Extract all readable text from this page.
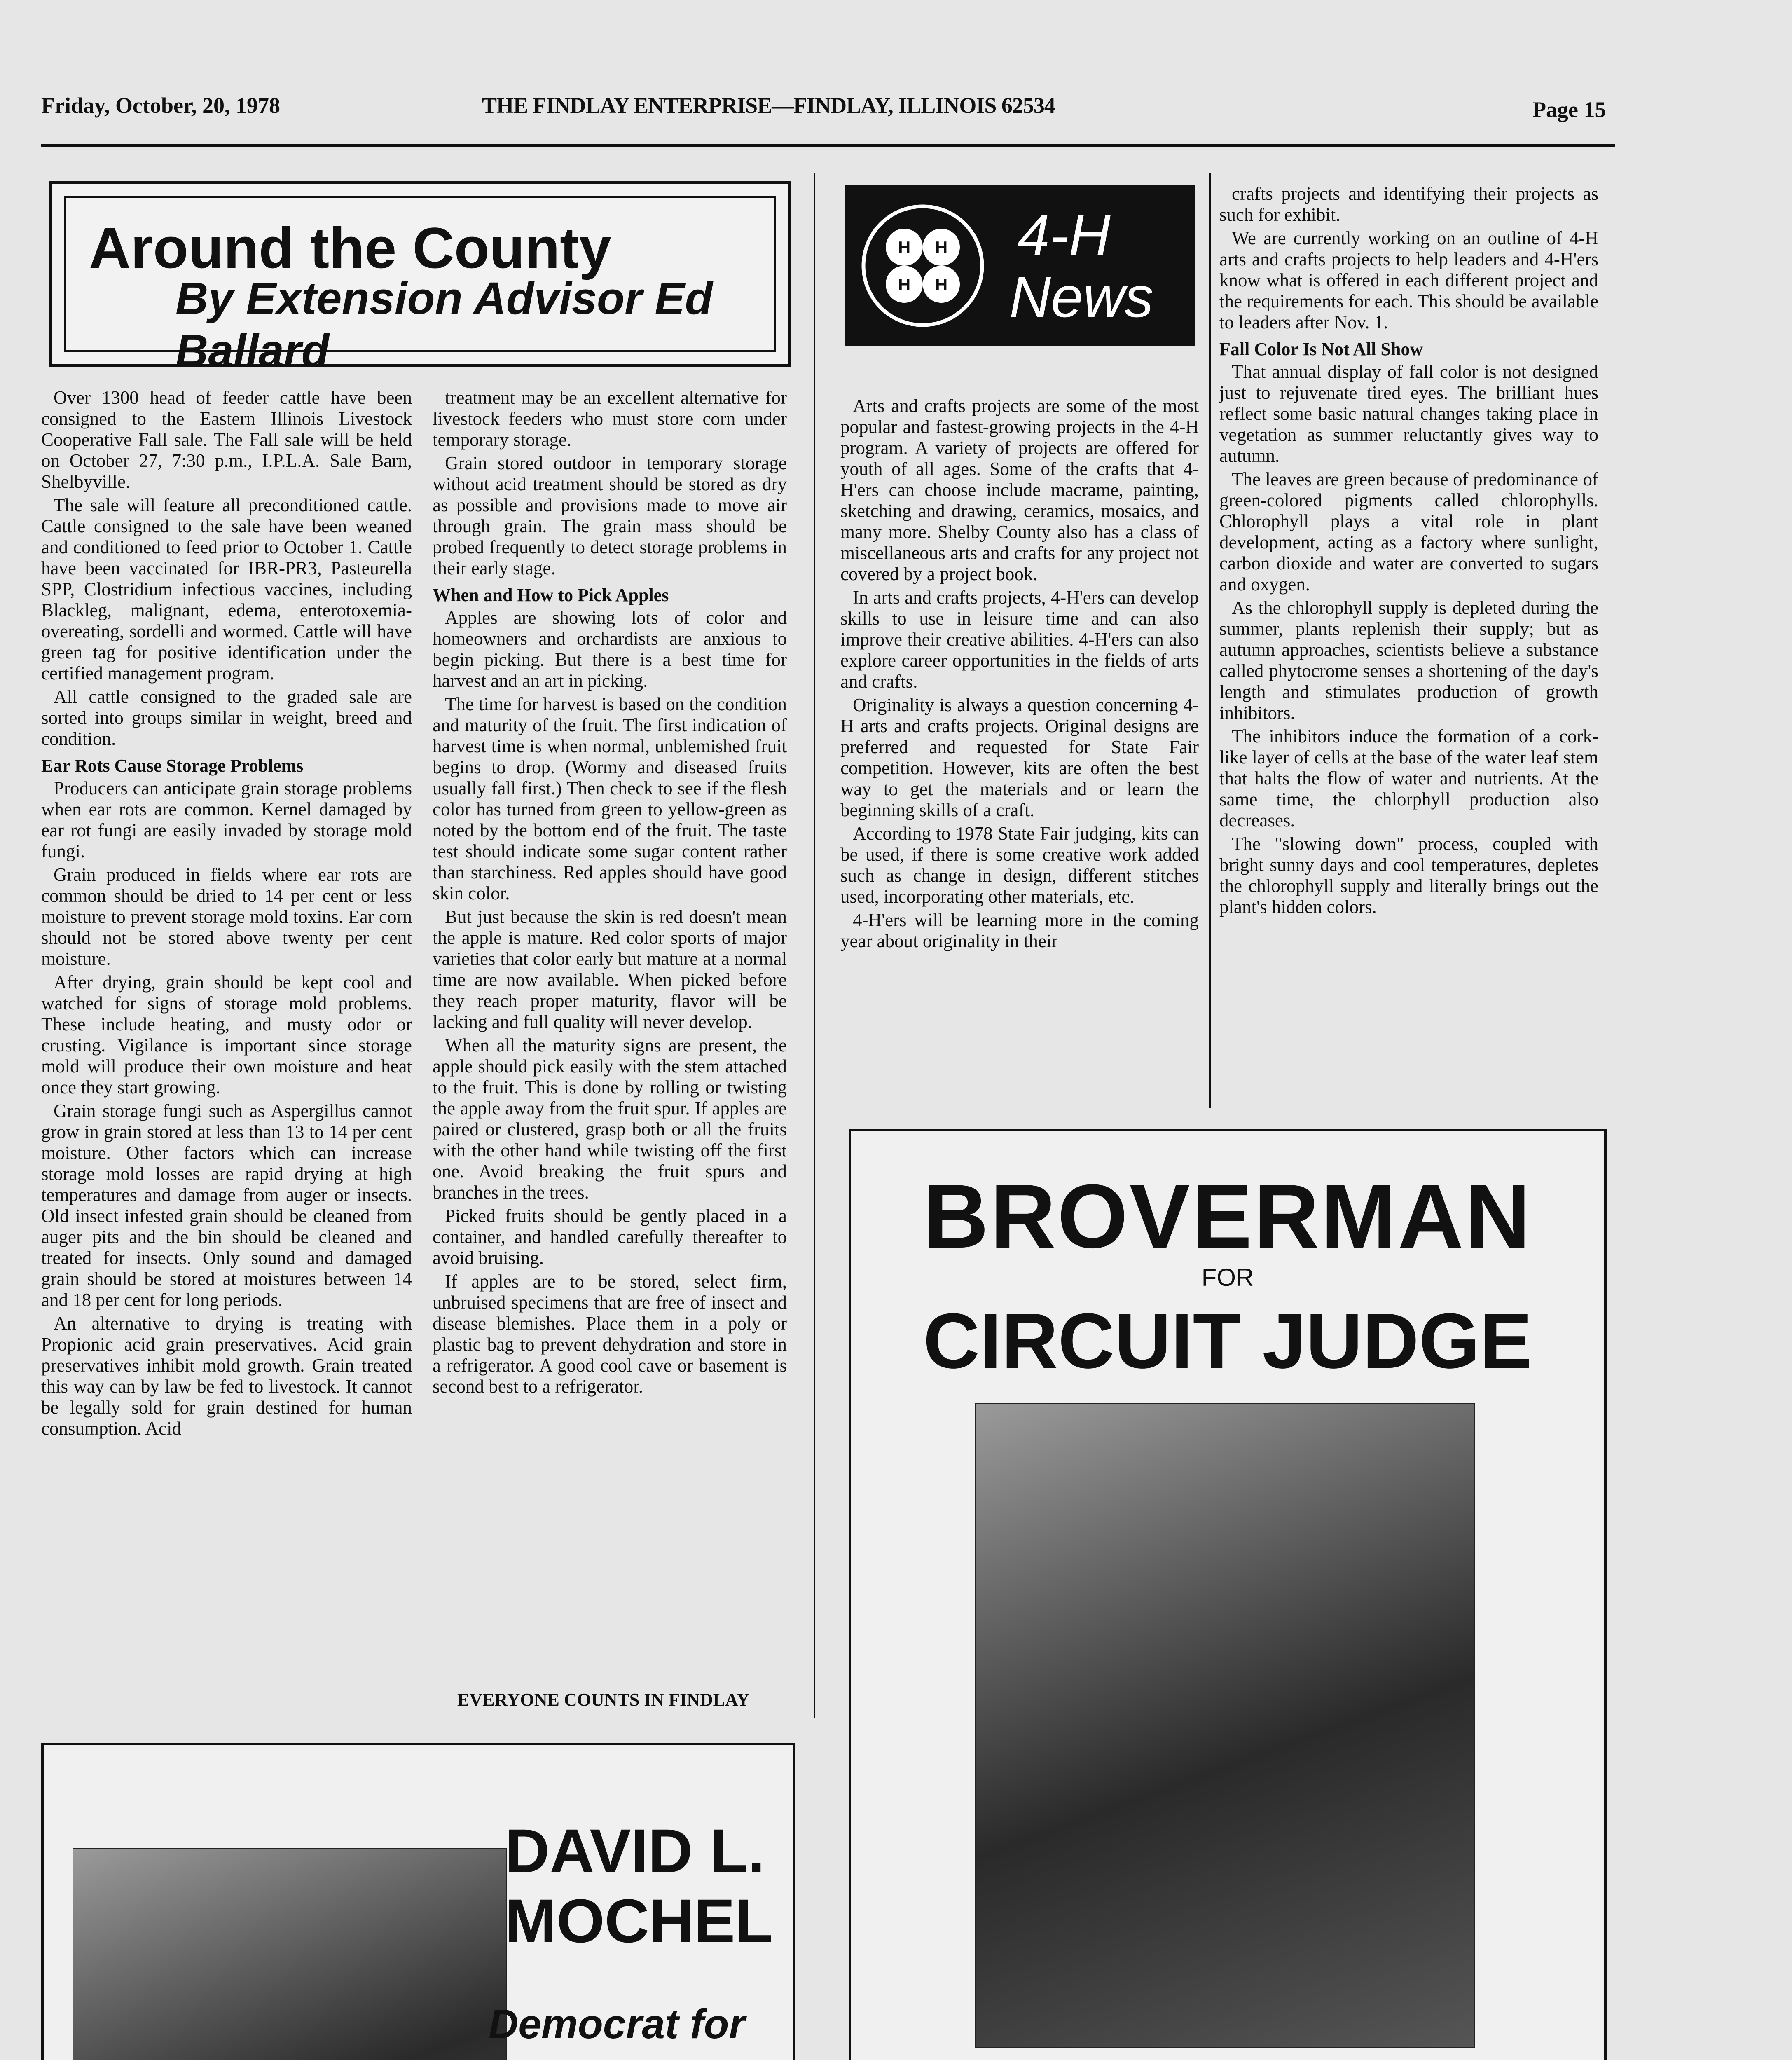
Friday, October, 20, 1978	THE FINDLAY ENTERPRISE—FINDLAY, ILLINOIS 62534	Page 15
Around the County
By Extension Advisor Ed Ballard

Over 1300 head of feeder cattle have been consigned to the Eastern Illinois Livestock Cooperative Fall sale. The Fall sale will be held on October 27, 7:30 p.m., I.P.L.A. Sale Barn, Shelbyville.

The sale will feature all preconditioned cattle. Cattle consigned to the sale have been weaned and conditioned to feed prior to October 1. Cattle have been vaccinated for IBR-PR3, Pasteurella SPP, Clostridium infectious vaccines, including Blackleg, malignant, edema, enterotoxemia-overeating, sordelli and wormed. Cattle will have green tag for positive identification under the certified management program.

All cattle consigned to the graded sale are sorted into groups similar in weight, breed and condition.

Ear Rots Cause Storage Problems

Producers can anticipate grain storage problems when ear rots are common. Kernel damaged by ear rot fungi are easily invaded by storage mold fungi.

Grain produced in fields where ear rots are common should be dried to 14 per cent or less moisture to prevent storage mold toxins. Ear corn should not be stored above twenty per cent moisture.

After drying, grain should be kept cool and watched for signs of storage mold problems. These include heating, and musty odor or crusting. Vigilance is important since storage mold will produce their own moisture and heat once they start growing.

Grain storage fungi such as Aspergillus cannot grow in grain stored at less than 13 to 14 per cent moisture. Other factors which can increase storage mold losses are rapid drying at high temperatures and damage from auger or insects. Old insect infested grain should be cleaned from auger pits and the bin should be cleaned and treated for insects. Only sound and damaged grain should be stored at moistures between 14 and 18 per cent for long periods.

An alternative to drying is treating with Propionic acid grain preservatives. Acid grain preservatives inhibit mold growth. Grain treated this way can by law be fed to livestock. It cannot be legally sold for grain destined for human consumption. Acid

treatment may be an excellent alternative for livestock feeders who must store corn under temporary storage.

Grain stored outdoor in temporary storage without acid treatment should be stored as dry as possible and provisions made to move air through grain. The grain mass should be probed frequently to detect storage problems in their early stage.

When and How to Pick Apples

Apples are showing lots of color and homeowners and orchardists are anxious to begin picking. But there is a best time for harvest and an art in picking.

The time for harvest is based on the condition and maturity of the fruit. The first indication of harvest time is when normal, unblemished fruit begins to drop. (Wormy and diseased fruits usually fall first.) Then check to see if the flesh color has turned from green to yellow-green as noted by the bottom end of the fruit. The taste test should indicate some sugar content rather than starchiness. Red apples should have good skin color.

But just because the skin is red doesn't mean the apple is mature. Red color sports of major varieties that color early but mature at a normal time are now available. When picked before they reach proper maturity, flavor will be lacking and full quality will never develop.

When all the maturity signs are present, the apple should pick easily with the stem attached to the fruit. This is done by rolling or twisting the apple away from the fruit spur. If apples are paired or clustered, grasp both or all the fruits with the other hand while twisting off the first one. Avoid breaking the fruit spurs and branches in the trees.

Picked fruits should be gently placed in a container, and handled carefully thereafter to avoid bruising.

If apples are to be stored, select firm, unbruised specimens that are free of insect and disease blemishes. Place them in a poly or plastic bag to prevent dehydration and store in a refrigerator. A good cool cave or basement is second best to a refrigerator.

EVERYONE COUNTS IN FINDLAY
H	H
H	H
4-H
News

Arts and crafts projects are some of the most popular and fastest-growing projects in the 4-H program. A variety of projects are offered for youth of all ages. Some of the crafts that 4-H'ers can choose include macrame, painting, sketching and drawing, ceramics, mosaics, and many more. Shelby County also has a class of miscellaneous arts and crafts for any project not covered by a project book.

In arts and crafts projects, 4-H'ers can develop skills to use in leisure time and can also improve their creative abilities. 4-H'ers can also explore career opportunities in the fields of arts and crafts.

Originality is always a question concerning 4-H arts and crafts projects. Original designs are preferred and requested for State Fair competition. However, kits are often the best way to get the materials and or learn the beginning skills of a craft.

According to 1978 State Fair judging, kits can be used, if there is some creative work added such as change in design, different stitches used, incorporating other materials, etc.

4-H'ers will be learning more in the coming year about originality in their

crafts projects and identifying their projects as such for exhibit.

We are currently working on an outline of 4-H arts and crafts projects to help leaders and 4-H'ers know what is offered in each different project and the requirements for each. This should be available to leaders after Nov. 1.

Fall Color Is Not All Show

That annual display of fall color is not designed just to rejuvenate tired eyes. The brilliant hues reflect some basic natural changes taking place in vegetation as summer reluctantly gives way to autumn.

The leaves are green because of predominance of green-colored pigments called chlorophylls. Chlorophyll plays a vital role in plant development, acting as a factory where sunlight, carbon dioxide and water are converted to sugars and oxygen.

As the chlorophyll supply is depleted during the summer, plants replenish their supply; but as autumn approaches, scientists believe a substance called phytocrome senses a shortening of the day's length and stimulates production of growth inhibitors.

The inhibitors induce the formation of a cork-like layer of cells at the base of the water leaf stem that halts the flow of water and nutrients. At the same time, the chlorphyll production also decreases.

The "slowing down" process, coupled with bright sunny days and cool temperatures, depletes the chlorophyll supply and literally brings out the plant's hidden colors.

BROVERMAN
FOR
CIRCUIT JUDGE

DAVID L.
MOCHEL
Democrat for
